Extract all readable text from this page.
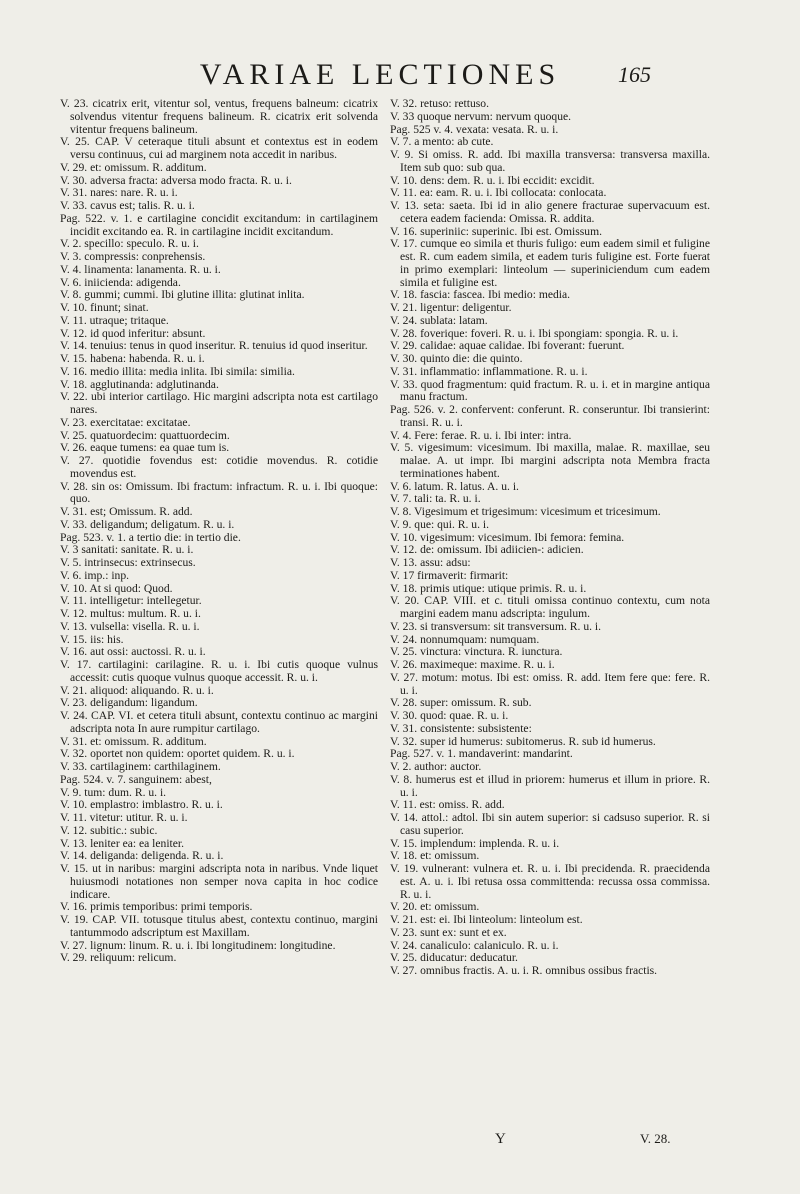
VARIAE LECTIONES	165

V. 23. cicatrix erit, vitentur sol, ventus, frequens balneum: cicatrix solvendus vitentur frequens balineum. R. cicatrix erit solvenda vitentur frequens balineum.

V. 25. CAP. V ceteraque tituli absunt et contextus est in eodem versu continuus, cui ad marginem nota accedit in naribus.

V. 29. et: omissum. R. additum.

V. 30. adversa fracta: adversa modo fracta. R. u. i.

V. 31. nares: nare. R. u. i.

V. 33. cavus est; talis. R. u. i.

Pag. 522. v. 1. e cartilagine concidit excitandum: in cartilaginem incidit excitando ea. R. in cartilagine incidit excitandum.

V. 2. specillo: speculo. R. u. i.

V. 3. compressis: conprehensis.

V. 4. linamenta: lanamenta. R. u. i.

V. 6. iniicienda: adigenda.

V. 8. gummi; cummi. Ibi glutine illita: glutinat inlita.

V. 10. finunt; sinat.

V. 11. utraque; tritaque.

V. 12. id quod inferitur: absunt.

V. 14. tenuius: tenus in quod inseritur. R. tenuius id quod inseritur.

V. 15. habena: habenda. R. u. i.

V. 16. medio illita: media inlita. Ibi simila: similia.

V. 18. agglutinanda: adglutinanda.

V. 22. ubi interior cartilago. Hic margini adscripta nota est cartilago nares.

V. 23. exercitatae: excitatae.

V. 25. quatuordecim: quattuordecim.

V. 26. eaque tumens: ea quae tum is.

V. 27. quotidie fovendus est: cotidie movendus. R. cotidie movendus est.

V. 28. sin os: Omissum. Ibi fractum: infractum. R. u. i. Ibi quoque: quo.

V. 31. est; Omissum. R. add.

V. 33. deligandum; deligatum. R. u. i.

Pag. 523. v. 1. a tertio die: in tertio die.

V. 3 sanitati: sanitate. R. u. i.

V. 5. intrinsecus: extrinsecus.

V. 6. imp.: inp.

V. 10. At si quod: Quod.

V. 11. intelligetur: intellegetur.

V. 12. multus: multum. R. u. i.

V. 13. vulsella: visella. R. u. i.

V. 15. iis: his.

V. 16. aut ossi: auctossi. R. u. i.

V. 17. cartilagini: carilagine. R. u. i. Ibi cutis quoque vulnus accessit: cutis quoque vulnus quoque accessit. R. u. i.

V. 21. aliquod: aliquando. R. u. i.

V. 23. deligandum: ligandum.

V. 24. CAP. VI. et cetera tituli absunt, contextu continuo ac margini adscripta nota In aure rumpitur cartilago.

V. 31. et: omissum. R. additum.

V. 32. oportet non quidem: oportet quidem. R. u. i.

V. 33. cartilaginem: carthilaginem.

Pag. 524. v. 7. sanguinem: abest,

V. 9. tum: dum. R. u. i.

V. 10. emplastro: imblastro. R. u. i.

V. 11. vitetur: utitur. R. u. i.

V. 12. subitic.: subic.

V. 13. leniter ea: ea leniter.

V. 14. deliganda: deligenda. R. u. i.

V. 15. ut in naribus: margini adscripta nota in naribus. Vnde liquet huiusmodi notationes non semper nova capita in hoc codice indicare.

V. 16. primis temporibus: primi temporis.

V. 19. CAP. VII. totusque titulus abest, contextu continuo, margini tantummodo adscriptum est Maxillam.

V. 27. lignum: linum. R. u. i. Ibi longitudinem: longitudine.

V. 29. reliquum: relicum.

V. 32. retuso: rettuso.

V. 33 quoque nervum: nervum quoque.

Pag. 525 v. 4. vexata: vesata. R. u. i.

V. 7. a mento: ab cute.

V. 9. Si omiss. R. add. Ibi maxilla transversa: transversa maxilla. Item sub quo: sub qua.

V. 10. dens: dem. R. u. i. Ibi eccidit: excidit.

V. 11. ea: eam. R. u. i. Ibi collocata: conlocata.

V. 13. seta: saeta. Ibi id in alio genere fracturae supervacuum est. cetera eadem facienda: Omissa. R. addita.

V. 16. superiniic: superinic. Ibi est. Omissum.

V. 17. cumque eo simila et thuris fuligo: eum eadem simil et fuligine est. R. cum eadem simila, et eadem turis fuligine est. Forte fuerat in primo exemplari: linteolum — superiniciendum cum eadem simila et fuligine est.

V. 18. fascia: fascea. Ibi medio: media.

V. 21. ligentur: deligentur.

V. 24. sublata: latam.

V. 28. foverique: foveri. R. u. i. Ibi spongiam: spongia. R. u. i.

V. 29. calidae: aquae calidae. Ibi foverant: fuerunt.

V. 30. quinto die: die quinto.

V. 31. inflammatio: inflammatione. R. u. i.

V. 33. quod fragmentum: quid fractum. R. u. i. et in margine antiqua manu fractum.

Pag. 526. v. 2. confervent: conferunt. R. conseruntur. Ibi transierint: transi. R. u. i.

V. 4. Fere: ferae. R. u. i. Ibi inter: intra.

V. 5. vigesimum: vicesimum. Ibi maxilla, malae. R. maxillae, seu malae. A. ut impr. Ibi margini adscripta nota Membra fracta terminationes habent.

V. 6. latum. R. latus. A. u. i.

V. 7. tali: ta. R. u. i.

V. 8. Vigesimum et trigesimum: vicesimum et tricesimum.

V. 9. que: qui. R. u. i.

V. 10. vigesimum: vicesimum. Ibi femora: femina.

V. 12. de: omissum. Ibi adiicien-: adicien.

V. 13. assu: adsu:

V. 17 firmaverit: firmarit:

V. 18. primis utique: utique primis. R. u. i.

V. 20. CAP. VIII. et c. tituli omissa continuo contextu, cum nota margini eadem manu adscripta: ingulum.

V. 23. si transversum: sit transversum. R. u. i.

V. 24. nonnumquam: numquam.

V. 25. vinctura: vinctura. R. iunctura.

V. 26. maximeque: maxime. R. u. i.

V. 27. motum: motus. Ibi est: omiss. R. add. Item fere que: fere. R. u. i.

V. 28. super: omissum. R. sub.

V. 30. quod: quae. R. u. i.

V. 31. consistente: subsistente:

V. 32. super id humerus: subitomerus. R. sub id humerus.

Pag. 527. v. 1. mandaverint: mandarint.

V. 2. author: auctor.

V. 8. humerus est et illud in priorem: humerus et illum in priore. R. u. i.

V. 11. est: omiss. R. add.

V. 14. attol.: adtol. Ibi sin autem superior: si cadsuso superior. R. si casu superior.

V. 15. implendum: implenda. R. u. i.

V. 18. et: omissum.

V. 19. vulnerant: vulnera et. R. u. i. Ibi precidenda. R. praecidenda est. A. u. i. Ibi retusa ossa committenda: recussa ossa commissa. R. u. i.

V. 20. et: omissum.

V. 21. est: ei. Ibi linteolum: linteolum est.

V. 23. sunt ex: sunt et ex.

V. 24. canaliculo: calaniculo. R. u. i.

V. 25. diducatur: deducatur.

V. 27. omnibus fractis. A. u. i. R. omnibus ossibus fractis.

Y	V. 28.
